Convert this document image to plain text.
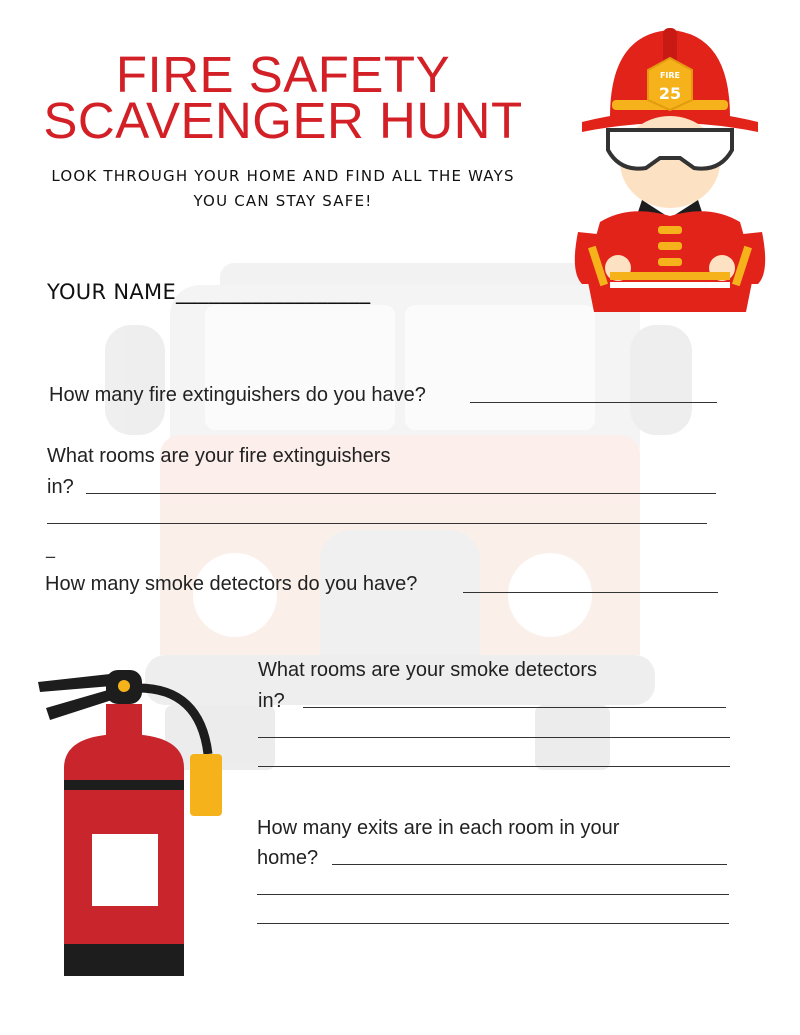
FIRE SAFETY
SCAVENGER HUNT
LOOK THROUGH YOUR HOME AND FIND ALL THE WAYS
YOU CAN STAY SAFE!
YOUR NAME__________________
How many fire extinguishers do you have?
What rooms are your fire extinguishers
in?
_
How many smoke detectors do you have?
What rooms are your smoke detectors
in?
How many exits are in each room in your
home?
FIRE
25
